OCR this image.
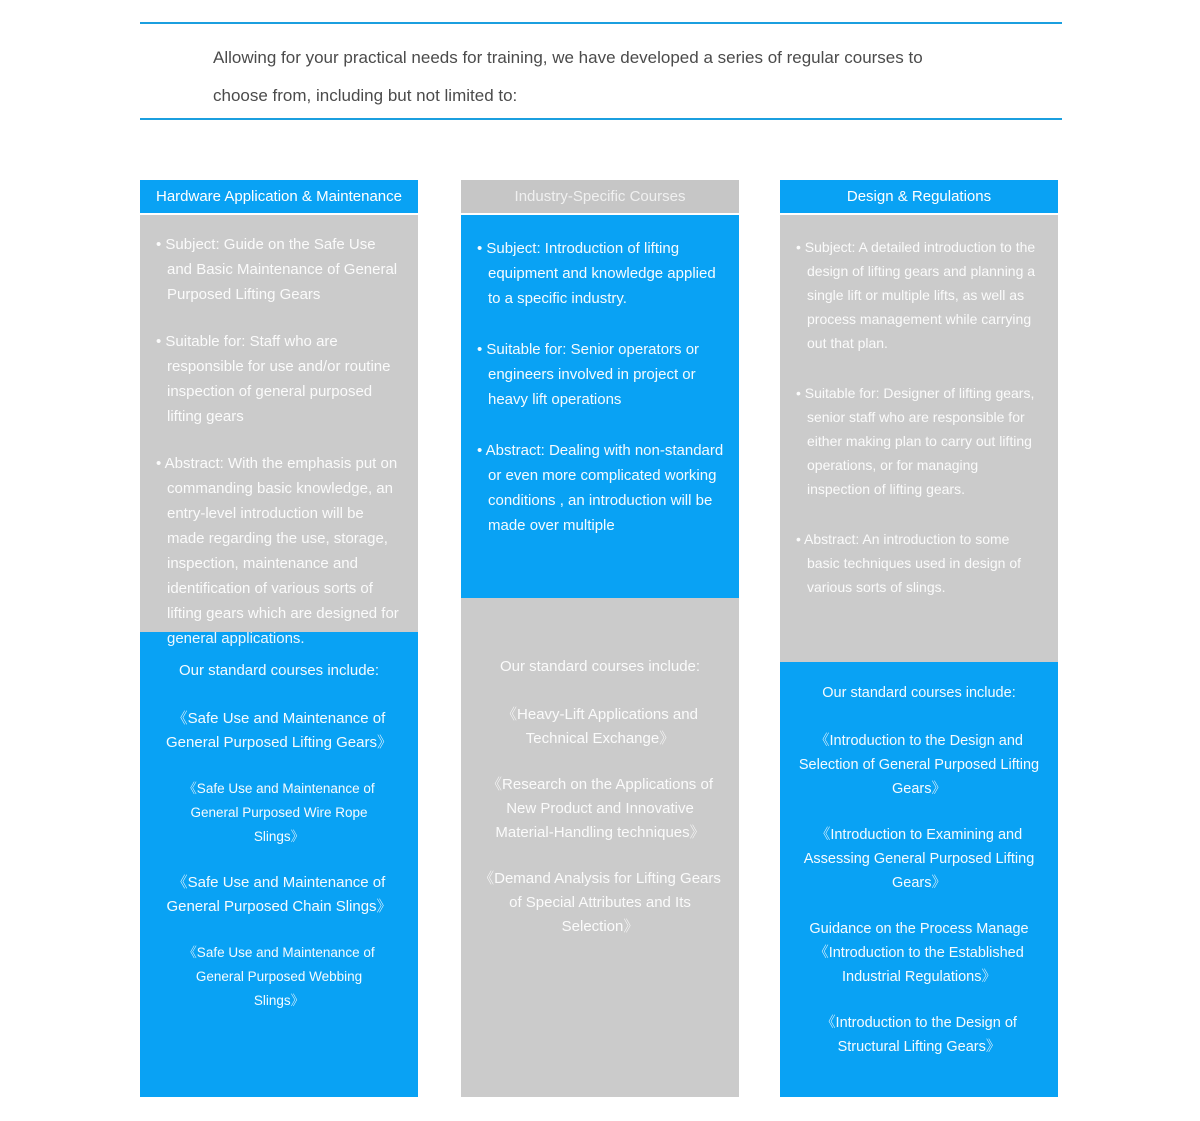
Allowing for your practical needs for training, we have developed a series of regular courses to choose from, including but not limited to:

Hardware Application & Maintenance

• Subject: Guide on the Safe Use and Basic Maintenance of General Purposed Lifting Gears

• Suitable for: Staff who are responsible for use and/or routine inspection of general purposed lifting gears

• Abstract: With the emphasis put on commanding basic knowledge, an entry-level introduction will be made regarding the use, storage, inspection, maintenance and identification of various sorts of lifting gears which are designed for general applications.

Our standard courses include:

《Safe Use and Maintenance of General Purposed Lifting Gears》

《Safe Use and Maintenance of General Purposed Wire Rope Slings》

《Safe Use and Maintenance of General Purposed Chain Slings》

《Safe Use and Maintenance of General Purposed Webbing Slings》

Industry-Specific Courses

• Subject: Introduction of lifting equipment and knowledge applied to a specific industry.

• Suitable for: Senior operators or engineers involved in project or heavy lift operations

• Abstract: Dealing with non-standard or even more complicated working conditions , an introduction will be made over multiple

Our standard courses include:

《Heavy-Lift Applications and Technical Exchange》

《Research on the Applications of New Product and Innovative Material-Handling techniques》

《Demand Analysis for Lifting Gears of Special Attributes and Its Selection》

Design & Regulations

• Subject: A detailed introduction to the design of lifting gears and planning a single lift or multiple lifts, as well as process management while carrying out that plan.

• Suitable for: Designer of lifting gears, senior staff who are responsible for either making plan to carry out lifting operations, or for managing inspection of lifting gears.

• Abstract: An introduction to some basic techniques used in design of various sorts of slings.

Our standard courses include:

《Introduction to the Design and Selection of General Purposed Lifting Gears》

《Introduction to Examining and Assessing General Purposed Lifting Gears》

Guidance on the Process Manage 《Introduction to the Established Industrial Regulations》

《Introduction to the Design of Structural Lifting Gears》
